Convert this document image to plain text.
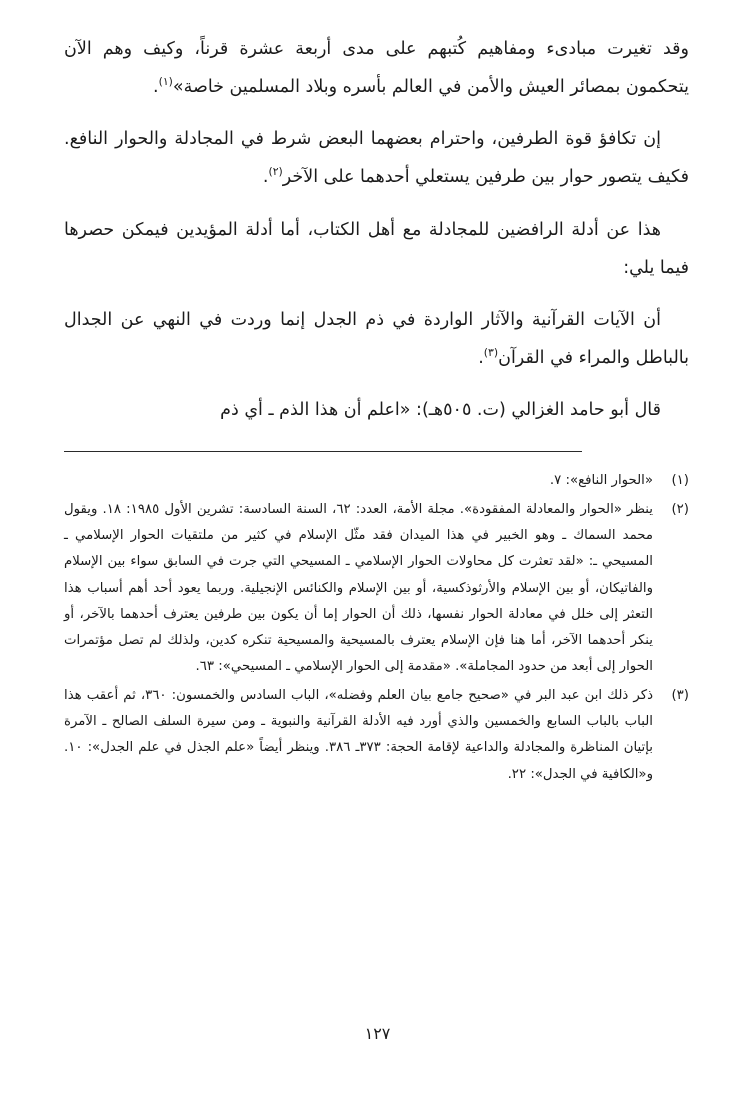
وقد تغيرت مبادىء ومفاهيم كُتبهم على مدى أربعة عشرة قرناً، وكيف وهم الآن يتحكمون بمصائر العيش والأمن في العالم بأسره وبلاد المسلمين خاصة»$^{(١)}$.

إن تكافؤ قوة الطرفين، واحترام بعضهما البعض شرط في المجادلة والحوار النافع. فكيف يتصور حوار بين طرفين يستعلي أحدهما على الآخر$^{(٢)}$.

هذا عن أدلة الرافضين للمجادلة مع أهل الكتاب، أما أدلة المؤيدين فيمكن حصرها فيما يلي:

أن الآيات القرآنية والآثار الواردة في ذم الجدل إنما وردت في النهي عن الجدال بالباطل والمراء في القرآن$^{(٣)}$.

قال أبو حامد الغزالي (ت. ٥٠٥هـ): «اعلم أن هذا الذم ـ أي ذم

(١)
«الحوار النافع»: ٧.
(٢)
ينظر «الحوار والمعادلة المفقودة». مجلة الأمة، العدد: ٦٢، السنة السادسة: تشرين الأول ١٩٨٥: ١٨. ويقول محمد السماك ـ وهو الخبير في هذا الميدان فقد مثّل الإسلام في كثير من ملتقيات الحوار الإسلامي ـ المسيحي ـ: «لقد تعثرت كل محاولات الحوار الإسلامي ـ المسيحي التي جرت في السابق سواء بين الإسلام والفاتيكان، أو بين الإسلام والأرثوذكسية، أو بين الإسلام والكنائس الإنجيلية. وربما يعود أحد أهم أسباب هذا التعثر إلى خلل في معادلة الحوار نفسها، ذلك أن الحوار إما أن يكون بين طرفين يعترف أحدهما بالآخر، أو ينكر أحدهما الآخر، أما هنا فإن الإسلام يعترف بالمسيحية والمسيحية تنكره كدين، ولذلك لم تصل مؤتمرات الحوار إلى أبعد من حدود المجاملة». «مقدمة إلى الحوار الإسلامي ـ المسيحي»: ٦٣.
(٣)
ذكر ذلك ابن عبد البر في «صحيح جامع بيان العلم وفضله»، الباب السادس والخمسون: ٣٦٠، ثم أعقب هذا الباب بالباب السابع والخمسين والذي أورد فيه الأدلة القرآنية والنبوية ـ ومن سيرة السلف الصالح ـ الآمرة بإتيان المناظرة والمجادلة والداعية لإقامة الحجة: ٣٧٣ـ ٣٨٦. وينظر أيضاً «علم الجذل في علم الجدل»: ١٠. و«الكافية في الجدل»: ٢٢.
١٢٧
